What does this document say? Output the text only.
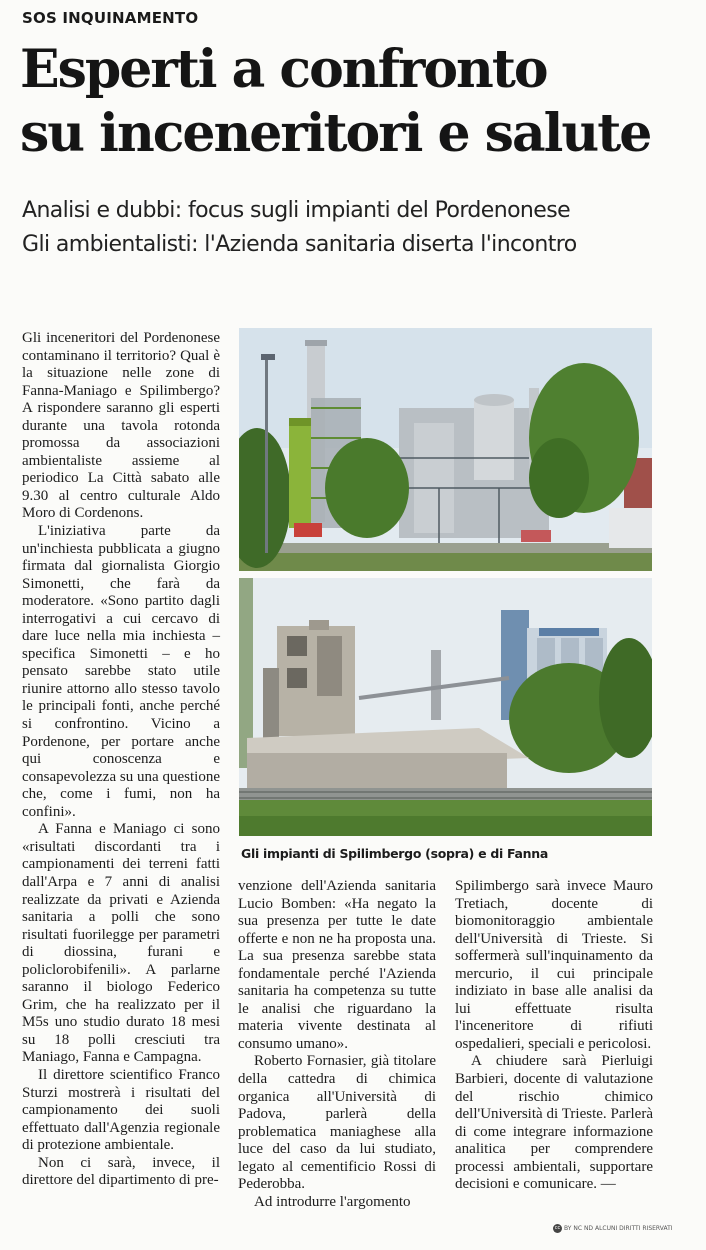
SOS INQUINAMENTO
Esperti a confronto
su inceneritori e salute
Analisi e dubbi: focus sugli impianti del Pordenonese
Gli ambientalisti: l'Azienda sanitaria diserta l'incontro

Gli inceneritori del Pordenonese contaminano il territorio? Qual è la situazione nelle zone di Fanna-Maniago e Spilimbergo? A rispondere saranno gli esperti durante una tavola rotonda promossa da associazioni ambientaliste assieme al periodico La Città sabato alle 9.30 al centro culturale Aldo Moro di Cordenons.

L'iniziativa parte da un'inchiesta pubblicata a giugno firmata dal giornalista Giorgio Simonetti, che farà da moderatore. «Sono partito dagli interrogativi a cui cercavo di dare luce nella mia inchiesta – specifica Simonetti – e ho pensato sarebbe stato utile riunire attorno allo stesso tavolo le principali fonti, anche perché si confrontino. Vicino a Pordenone, per portare anche qui conoscenza e consapevolezza su una questione che, come i fumi, non ha confini».

A Fanna e Maniago ci sono «risultati discordanti tra i campionamenti dei terreni fatti dall'Arpa e 7 anni di analisi realizzate da privati e Azienda sanitaria a polli che sono risultati fuorilegge per parametri di diossina, furani e policlorobifenili». A parlarne saranno il biologo Federico Grim, che ha realizzato per il M5s uno studio durato 18 mesi su 18 polli cresciuti tra Maniago, Fanna e Campagna.

Il direttore scientifico Franco Sturzi mostrerà i risultati del campionamento dei suoli effettuato dall'Agenzia regionale di protezione ambientale.

Non ci sarà, invece, il direttore del dipartimento di pre-

Gli impianti di Spilimbergo (sopra) e di Fanna

venzione dell'Azienda sanitaria Lucio Bomben: «Ha negato la sua presenza per tutte le date offerte e non ne ha proposta una. La sua presenza sarebbe stata fondamentale perché l'Azienda sanitaria ha competenza su tutte le analisi che riguardano la materia vivente destinata al consumo umano».

Roberto Fornasier, già titolare della cattedra di chimica organica all'Università di Padova, parlerà della problematica maniaghese alla luce del caso da lui studiato, legato al cementificio Rossi di Pederobba.

Ad introdurre l'argomento

Spilimbergo sarà invece Mauro Tretiach, docente di biomonitoraggio ambientale dell'Università di Trieste. Si soffermerà sull'inquinamento da mercurio, il cui principale indiziato in base alle analisi da lui effettuate risulta l'inceneritore di rifiuti ospedalieri, speciali e pericolosi.

A chiudere sarà Pierluigi Barbieri, docente di valutazione del rischio chimico dell'Università di Trieste. Parlerà di come integrare informazione analitica per comprendere processi ambientali, supportare decisioni e comunicare. —

cc BY NC ND ALCUNI DIRITTI RISERVATI
